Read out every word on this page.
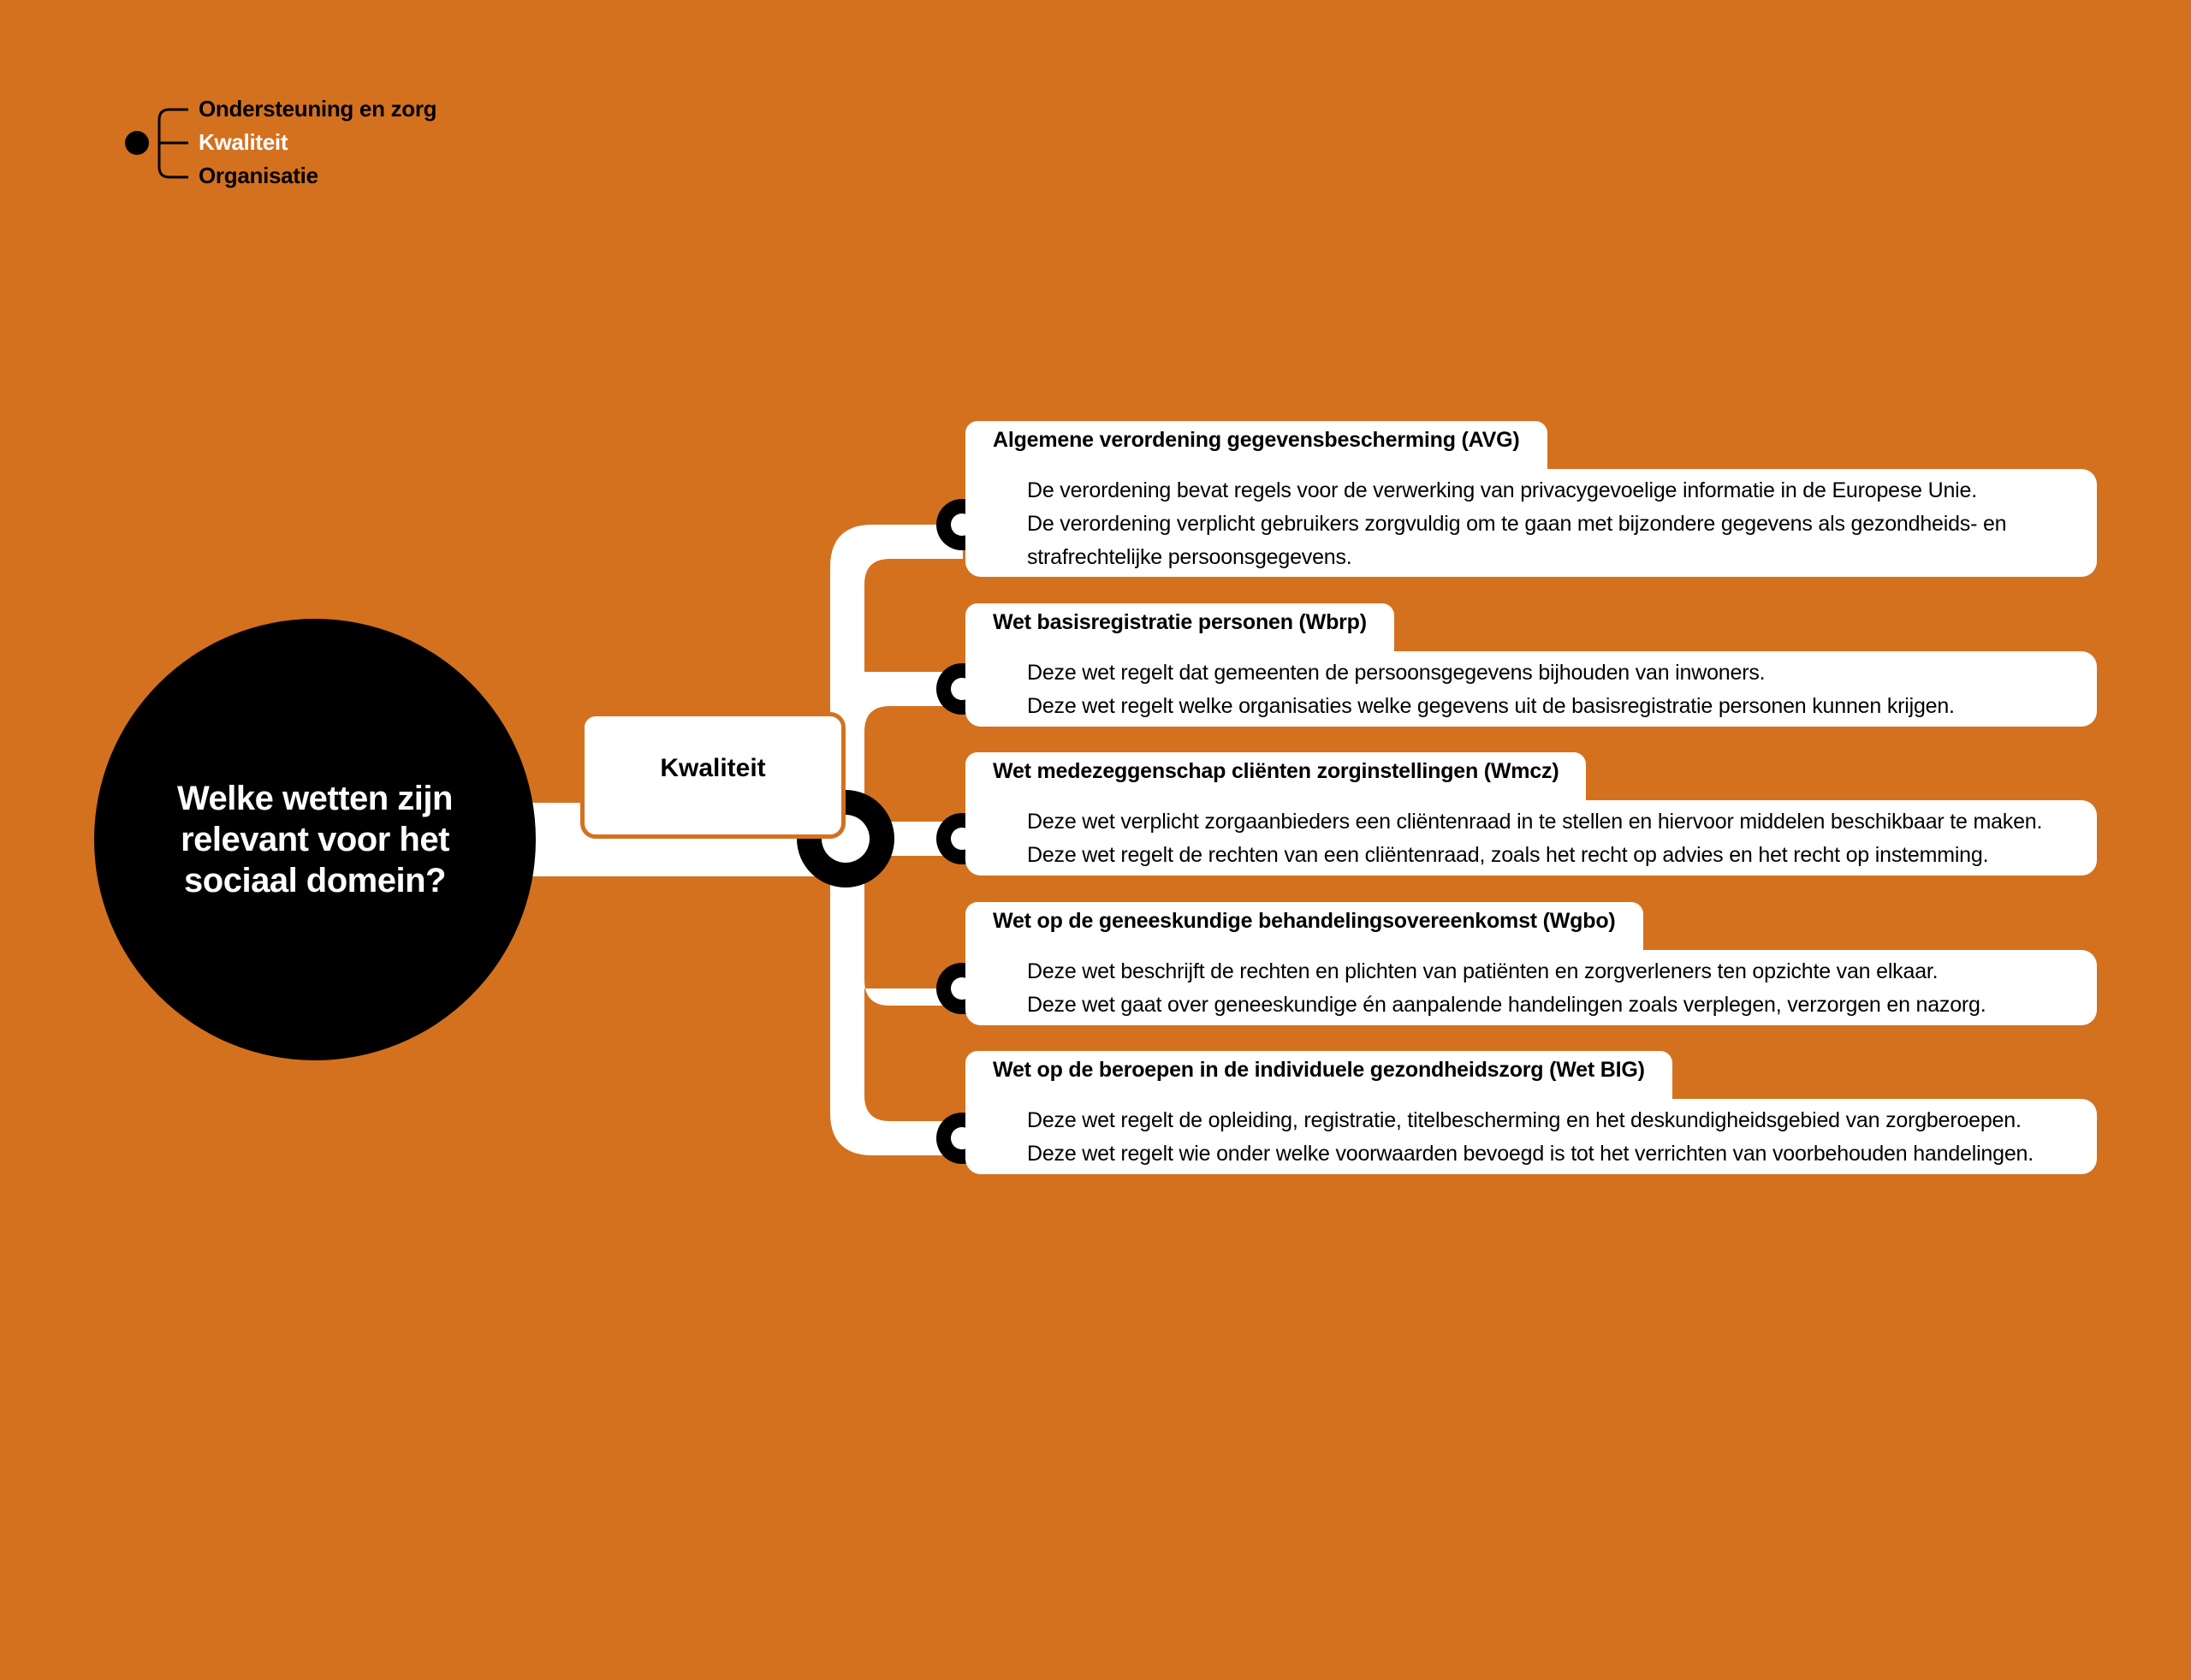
Ondersteuning en zorg
Kwaliteit
Organisatie
Welke wetten zijn relevant voor het sociaal domein?
Kwaliteit
Algemene verordening gegevensbescherming (AVG)

De verordening bevat regels voor de verwerking van privacygevoelige informatie in de Europese Unie.

De verordening verplicht gebruikers zorgvuldig om te gaan met bijzondere gegevens als gezondheids- en strafrechtelijke persoonsgegevens.

Wet basisregistratie personen (Wbrp)

Deze wet regelt dat gemeenten de persoonsgegevens bijhouden van inwoners.

Deze wet regelt welke organisaties welke gegevens uit de basisregistratie personen kunnen krijgen.

Wet medezeggenschap cliënten zorginstellingen (Wmcz)

Deze wet verplicht zorgaanbieders een cliëntenraad in te stellen en hiervoor middelen beschikbaar te maken.

Deze wet regelt de rechten van een cliëntenraad, zoals het recht op advies en het recht op instemming.

Wet op de geneeskundige behandelingsovereenkomst (Wgbo)

Deze wet beschrijft de rechten en plichten van patiënten en zorgverleners ten opzichte van elkaar.

Deze wet gaat over geneeskundige én aanpalende handelingen zoals verplegen, verzorgen en nazorg.

Wet op de beroepen in de individuele gezondheidszorg (Wet BIG)

Deze wet regelt de opleiding, registratie, titelbescherming en het deskundigheidsgebied van zorgberoepen.

Deze wet regelt wie onder welke voorwaarden bevoegd is tot het verrichten van voorbehouden handelingen.
